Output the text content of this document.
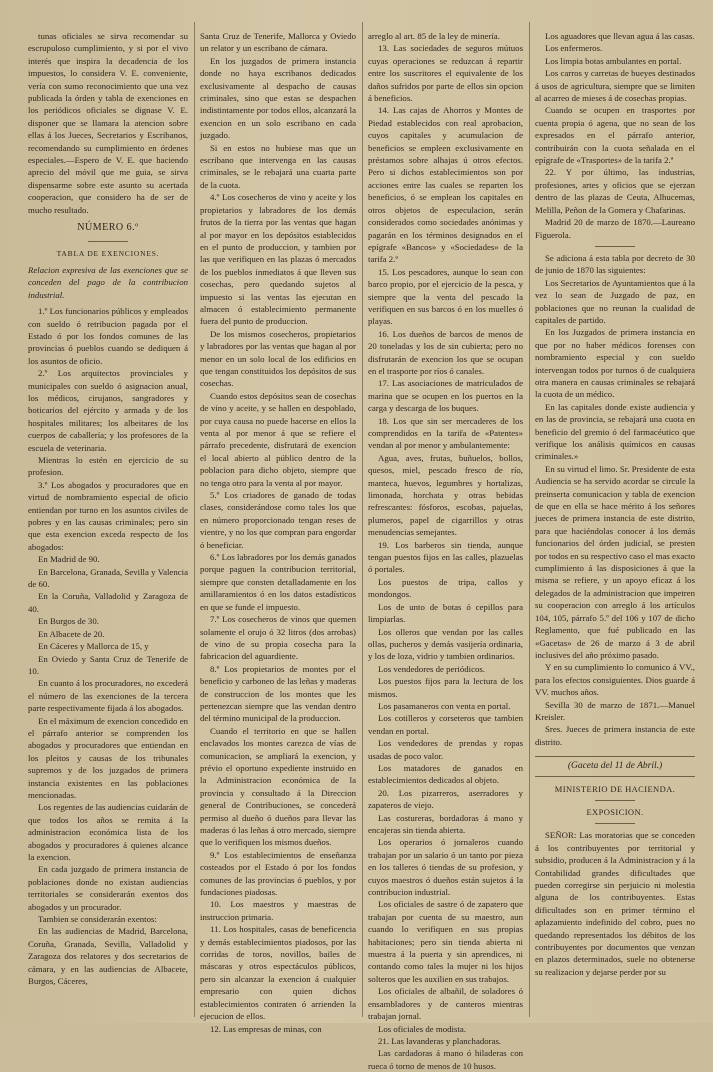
tunas oficiales se sirva recomendar su escrupuloso cumplimiento, y si por el vivo interés que inspira la decadencia de los impuestos, lo considera V. E. conveniente, vería con sumo reconocimiento que una vez publicada la órden y tabla de exenciones en los periódicos oficiales se dignase V. E. disponer que se llamara la atencion sobre ellas á los Jueces, Secretarios y Escribanos, recomendando su cumplimiento en órdenes especiales.—Espero de V. E. que haciendo aprecio del móvil que me guia, se sirva dispensarme sobre este asunto su acertada cooperacion, que considero ha de ser de mucho resultado.

NÚMERO 6.º

TABLA DE EXENCIONES.

Relacion expresiva de las exenciones que se conceden del pago de la contribucion industrial.

1.º Los funcionarios públicos y empleados con sueldo ó retribucion pagada por el Estado ó por los fondos comunes de las provincias ó pueblos cuando se dediquen á los asuntos de oficio.

2.º Los arquitectos provinciales y municipales con sueldo ó asignacion anual, los médicos, cirujanos, sangradores y boticarios del ejército y armada y de los hospitales militares; los albeitares de los cuerpos de caballería; y los profesores de la escuela de veterinaria.

Mientras lo estén en ejercicio de su profesion.

3.º Los abogados y procuradores que en virtud de nombramiento especial de oficio entiendan por turno en los asuntos civiles de pobres y en las causas criminales; pero sin que esta exencion exceda respecto de los abogados:

En Madrid de 90.

En Barcelona, Granada, Sevilla y Valencia de 60.

En la Coruña, Valladolid y Zaragoza de 40.

En Burgos de 30.

En Albacete de 20.

En Cáceres y Mallorca de 15, y

En Oviedo y Santa Cruz de Tenerife de 10.

En cuanto á los procuradores, no excederá el número de las exenciones de la tercera parte respectivamente fijada á los abogados.

En el máximum de exencion concedido en el párrafo anterior se comprenden los abogados y procuradores que entiendan en los pleitos y causas de los tribunales supremos y de los juzgados de primera instancia existentes en las poblaciones mencionadas.

Los regentes de las audiencias cuidarán de que todos los años se remita á la administracion económica lista de los abogados y procuradores á quienes alcance la exencion.

En cada juzgado de primera instancia de poblaciones donde no existan audiencias territoriales se considerarán exentos dos abogados y un procurador.

Tambien se considerarán exentos:

En las audiencias de Madrid, Barcelona, Coruña, Granada, Sevilla, Valladolid y Zaragoza dos relatores y dos secretarios de cámara, y en las audiencias de Albacete, Burgos, Cáceres,

Santa Cruz de Tenerife, Mallorca y Oviedo un relator y un escribano de cámara.

En los juzgados de primera instancia donde no haya escribanos dedicados exclusivamente al despacho de causas criminales, sino que estas se despachen indistintamente por todos ellos, alcanzará la exencion en un solo escribano en cada juzgado.

Si en estos no hubiese mas que un escribano que intervenga en las causas criminales, se le rebajará una cuarta parte de la cuota.

4.º Los cosecheros de vino y aceite y los propietarios y labradores de los demás frutos de la tierra por las ventas que hagan al por mayor en los depósitos establecidos en el punto de produccion, y tambien por las que verifiquen en las plazas ó mercados de los pueblos inmediatos á que lleven sus cosechas, pero quedando sujetos al impuesto si las ventas las ejecutan en almacen ó establecimiento permanente fuera del punto de produccion.

De los mismos cosecheros, propietarios y labradores por las ventas que hagan al por menor en un solo local de los edificios en que tengan constituidos los depósitos de sus cosechas.

Cuando estos depósitos sean de cosechas de vino y aceite, y se hallen en despoblado, por cuya causa no puede hacerse en ellos la venta al por menor á que se refiere el párrafo precedente, disfrutará de exencion el local abierto al público dentro de la poblacion para dicho objeto, siempre que no tenga otro para la venta al por mayor.

5.º Los criadores de ganado de todas clases, considerándose como tales los que en número proporcionado tengan reses de vientre, y no los que compran para engordar ó beneficiar.

6.º Los labradores por los demás ganados porque paguen la contribucion territorial, siempre que consten detalladamente en los amillaramientos ó en los datos estadísticos en que se funde el impuesto.

7.º Los cosecheros de vinos que quemen solamente el orujo ó 32 litros (dos arrobas) de vino de su propia cosecha para la fabricacion del aguardiente.

8.º Los propietarios de montes por el beneficio y carboneo de las leñas y maderas de construccion de los montes que les pertenezcan siempre que las vendan dentro del término municipal de la produccion.

Cuando el territorio en que se hallen enclavados los montes carezca de vías de comunicacion, se ampliará la exencion, y prévio el oportuno expediente instruido en la Administracion económica de la provincia y consultado á la Direccion general de Contribuciones, se concederá permiso al dueño ó dueños para llevar las maderas ó las leñas á otro mercado, siempre que lo verifiquen los mismos dueños.

9.º Los establecimientos de enseñanza costeados por el Estado ó por los fondos comunes de las provincias ó pueblos, y por fundaciones piadosas.

10. Los maestros y maestras de instruccion primaria.

11. Los hospitales, casas de beneficencia y demás establecimientos piadosos, por las corridas de toros, novillos, bailes de máscaras y otros espectáculos públicos, pero sin alcanzar la exencion á cualquier empresario con quien dichos establecimientos contraten ó arrienden la ejecucion de ellos.

12. Las empresas de minas, con

arreglo al art. 85 de la ley de minería.

13. Las sociedades de seguros mútuos cuyas operaciones se reduzcan á repartir entre los suscritores el equivalente de los daños sufridos por parte de ellos sin opcion á beneficios.

14. Las cajas de Ahorros y Montes de Piedad establecidos con real aprobacion, cuyos capitales y acumulacion de beneficios se empleen exclusivamente en préstamos sobre alhajas ú otros efectos. Pero si dichos establecimientos son por acciones entre las cuales se reparten los beneficios, ó se emplean los capitales en otros objetos de especulacion, serán considerados como sociedades anónimas y pagarán en los términos designados en el epígrafe «Bancos» y «Sociedades» de la tarifa 2.ª

15. Los pescadores, aunque lo sean con barco propio, por el ejercicio de la pesca, y siempre que la venta del pescado la verifiquen en sus barcos ó en los muelles ó playas.

16. Los dueños de barcos de menos de 20 toneladas y los de sin cubierta; pero no disfrutarán de exencion los que se ocupan en el trasporte por ríos ó canales.

17. Las asociaciones de matriculados de marina que se ocupen en los puertos en la carga y descarga de los buques.

18. Los que sin ser mercaderes de los comprendidos en la tarifa de «Patentes» vendan al por menor y ambulantemente:

Agua, aves, frutas, buñuelos, bollos, quesos, miel, pescado fresco de río, manteca, huevos, legumbres y hortalizas, limonada, horchata y otras bebidas refrescantes: fósforos, escobas, pajuelas, plumeros, papel de cigarrillos y otras menudencias semejantes.

19. Los barberos sin tienda, aunque tengan puestos fijos en las calles, plazuelas ó portales.

Los puestos de tripa, callos y mondongos.

Los de unto de botas ó cepillos para limpiarlas.

Los olleros que vendan por las calles ollas, pucheros y demás vasijería ordinaria, y los de loza, vidrio y tambien ordinarios.

Los vendedores de periódicos.

Los puestos fijos para la lectura de los mismos.

Los pasamaneros con venta en portal.

Los cotilleros y corseteros que tambien vendan en portal.

Los vendedores de prendas y ropas usadas de poco valor.

Los matadores de ganados en establecimientos dedicados al objeto.

20. Los pizarreros, aserradores y zapateros de viejo.

Las costureras, bordadoras á mano y encajeras sin tienda abierta.

Los operarios ó jornaleros cuando trabajan por un salario ó un tanto por pieza en los talleres ó tiendas de su profesion, y cuyos maestros ó dueños están sujetos á la contribucion industrial.

Los oficiales de sastre ó de zapatero que trabajan por cuenta de su maestro, aun cuando lo verifiquen en sus propias habitaciones; pero sin tienda abierta ni muestra á la puerta y sin aprendices, ni contando como tales la mujer ni los hijos solteros que les auxilien en sus trabajos.

Los oficiales de albañil, de soladores ó ensambladores y de canteros mientras trabajan jornal.

Los oficiales de modista.

21. Las lavanderas y planchadoras.

Las cardadoras á mano ó hiladeras con rueca ó torno de menos de 10 husos.

Los aguadores que llevan agua á las casas.

Los enfermeros.

Los limpia botas ambulantes en portal.

Los carros y carretas de bueyes destinados á usos de agricultura, siempre que se limiten al acarreo de mieses á de cosechas propias.

Cuando se ocupen en trasportes por cuenta propia ó agena, que no sean de los expresados en el párrafo anterior, contribuirán con la cuota señalada en el epígrafe de «Trasportes» de la tarifa 2.ª

22. Y por último, las industrias, profesiones, artes y oficios que se ejerzan dentro de las plazas de Ceuta, Alhucemas, Melilla, Peñon de la Gomera y Chafarinas.

Madrid 20 de marzo de 1870.—Laureano Figuerola.

Se adiciona á esta tabla por decreto de 30 de junio de 1870 las siguientes:

Los Secretarios de Ayuntamientos que á la vez lo sean de Juzgado de paz, en poblaciones que no reunan la cualidad de capitales de partido.

En los Juzgados de primera instancia en que por no haber médicos forenses con nombramiento especial y con sueldo intervengan todos por turnos ó de cualquiera otra manera en causas criminales se rebajará la cuota de un médico.

En las capitales donde existe audiencia y en las de provincia, se rebajará una cuota en beneficio del gremio ó del farmacéutico que verifique los análisis químicos en causas criminales.»

En su virtud el limo. Sr. Presidente de esta Audiencia se ha servido acordar se circule la preinserta comunicacion y tabla de exencion de que en ella se hace mérito á los señores jueces de primera instancia de este distrito, para que haciéndolas conocer á los demás funcionarios del órden judicial, se presten por todos en su respectivo caso el mas exacto cumplimiento á las disposiciones á que la misma se refiere, y un apoyo eficaz á los delegados de la administracion que impetren su cooperacion con arreglo á los artículos 104, 105, párrafo 5.º del 106 y 107 de dicho Reglamento, que fué publicado en las «Gacetas» de 26 de marzo á 3 de abril inclusives del año próximo pasado.

Y en su cumplimiento lo comunico á VV., para los efectos consiguientes. Dios guarde á VV. muchos años.

Sevilla 30 de marzo de 1871.—Manuel Kreisler.

Sres. Jueces de primera instancia de este distrito.

(Gaceta del 11 de Abril.)

MINISTERIO DE HACIENDA.

EXPOSICION.

SEÑOR: Las moratorias que se conceden á los contribuyentes por territorial y subsidio, producen á la Administracion y á la Contabilidad grandes dificultades que pueden corregirse sin perjuicio ni molestia alguna de los contribuyentes. Estas dificultades son en primer término el aplazamiento indefinido del cobro, pues no quedando representados los débitos de los contribuyentes por documentos que venzan en plazos determinados, suele no obtenerse su realizacion y dejarse perder por su
